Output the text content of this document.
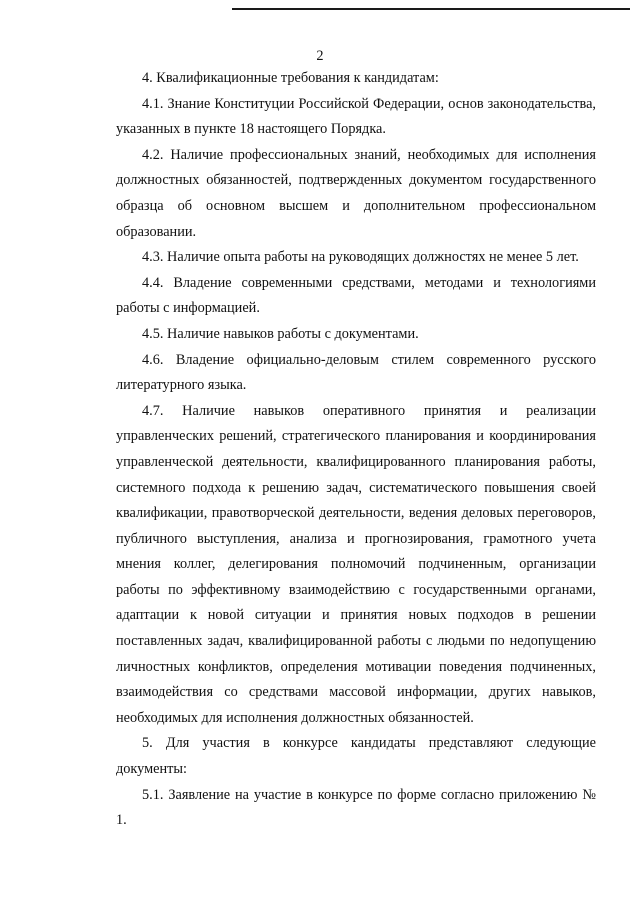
2

4. Квалификационные требования к кандидатам:

4.1. Знание Конституции Российской Федерации, основ законодательства, указанных в пункте 18 настоящего Порядка.

4.2. Наличие профессиональных знаний, необходимых для исполнения должностных обязанностей, подтвержденных документом государственного образца об основном высшем и дополнительном профессиональном образовании.

4.3. Наличие опыта работы на руководящих должностях не менее 5 лет.

4.4. Владение современными средствами, методами и технологиями работы с информацией.

4.5. Наличие навыков работы с документами.

4.6. Владение официально-деловым стилем современного русского литературного языка.

4.7. Наличие навыков оперативного принятия и реализации управленческих решений, стратегического планирования и координирования управленческой деятельности, квалифицированного планирования работы, системного подхода к решению задач, систематического повышения своей квалификации, правотворческой деятельности, ведения деловых переговоров, публичного выступления, анализа и прогнозирования, грамотного учета мнения коллег, делегирования полномочий подчиненным, организации работы по эффективному взаимодействию с государственными органами, адаптации к новой ситуации и принятия новых подходов в решении поставленных задач, квалифицированной работы с людьми по недопущению личностных конфликтов, определения мотивации поведения подчиненных, взаимодействия со средствами массовой информации, других навыков, необходимых для исполнения должностных обязанностей.

5. Для участия в конкурсе кандидаты представляют следующие документы:

5.1. Заявление на участие в конкурсе по форме согласно приложению № 1.
